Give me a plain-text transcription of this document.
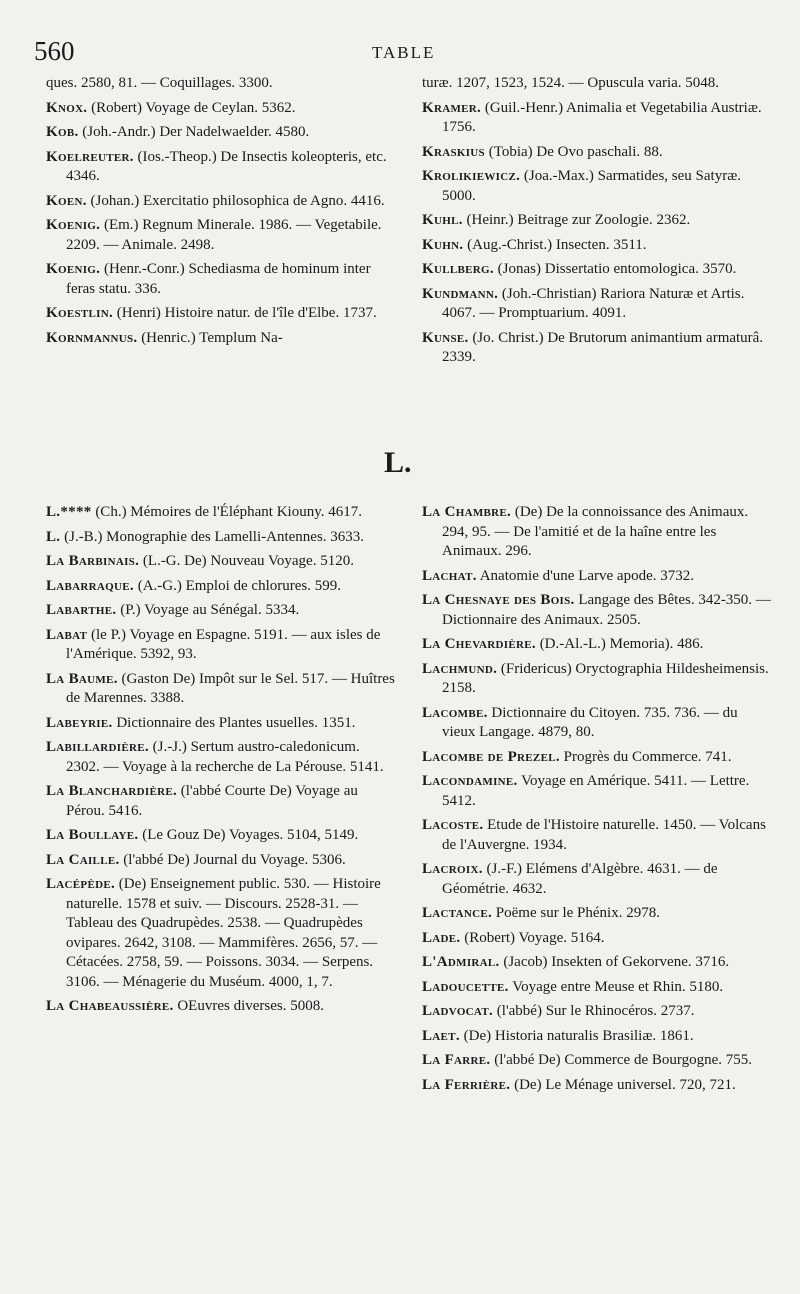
560	TABLE
ques. 2580, 81. — Coquillages. 3300.
Knox. (Robert) Voyage de Ceylan. 5362.
Kob. (Joh.-Andr.) Der Nadelwaelder. 4580.
Koelreuter. (Ios.-Theop.) De Insectis koleopteris, etc. 4346.
Koen. (Johan.) Exercitatio philosophica de Agno. 4416.
Koenig. (Em.) Regnum Minerale. 1986. — Vegetabile. 2209. — Animale. 2498.
Koenig. (Henr.-Conr.) Schediasma de hominum inter feras statu. 336.
Koestlin. (Henri) Histoire natur. de l'île d'Elbe. 1737.
Kornmannus. (Henric.) Templum Na-
turæ. 1207, 1523, 1524. — Opuscula varia. 5048.
Kramer. (Guil.-Henr.) Animalia et Vegetabilia Austriæ. 1756.
Kraskius (Tobia) De Ovo paschali. 88.
Krolikiewicz. (Joa.-Max.) Sarmatides, seu Satyræ. 5000.
Kuhl. (Heinr.) Beitrage zur Zoologie. 2362.
Kuhn. (Aug.-Christ.) Insecten. 3511.
Kullberg. (Jonas) Dissertatio entomologica. 3570.
Kundmann. (Joh.-Christian) Rariora Naturæ et Artis. 4067. — Promptuarium. 4091.
Kunse. (Jo. Christ.) De Brutorum animantium armaturâ. 2339.
L.
L.**** (Ch.) Mémoires de l'Éléphant Kiouny. 4617.
L. (J.-B.) Monographie des Lamelli-Antennes. 3633.
La Barbinais. (L.-G. De) Nouveau Voyage. 5120.
Labarraque. (A.-G.) Emploi de chlorures. 599.
Labarthe. (P.) Voyage au Sénégal. 5334.
Labat (le P.) Voyage en Espagne. 5191. — aux isles de l'Amérique. 5392, 93.
La Baume. (Gaston De) Impôt sur le Sel. 517. — Huîtres de Marennes. 3388.
Labeyrie. Dictionnaire des Plantes usuelles. 1351.
Labillardière. (J.-J.) Sertum austro-caledonicum. 2302. — Voyage à la recherche de La Pérouse. 5141.
La Blanchardière. (l'abbé Courte De) Voyage au Pérou. 5416.
La Boullaye. (Le Gouz De) Voyages. 5104, 5149.
La Caille. (l'abbé De) Journal du Voyage. 5306.
Lacépède. (De) Enseignement public. 530. — Histoire naturelle. 1578 et suiv. — Discours. 2528-31. — Tableau des Quadrupèdes. 2538. — Quadrupèdes ovipares. 2642, 3108. — Mammifères. 2656, 57. — Cétacées. 2758, 59. — Poissons. 3034. — Serpens. 3106. — Ménagerie du Muséum. 4000, 1, 7.
La Chabeaussière. OEuvres diverses. 5008.
La Chambre. (De) De la connoissance des Animaux. 294, 95. — De l'amitié et de la haîne entre les Animaux. 296.
Lachat. Anatomie d'une Larve apode. 3732.
La Chesnaye des Bois. Langage des Bêtes. 342-350. — Dictionnaire des Animaux. 2505.
La Chevardière. (D.-Al.-L.) Memoria). 486.
Lachmund. (Fridericus) Oryctographia Hildesheimensis. 2158.
Lacombe. Dictionnaire du Citoyen. 735. 736. — du vieux Langage. 4879, 80.
Lacombe de Prezel. Progrès du Commerce. 741.
Lacondamine. Voyage en Amérique. 5411. — Lettre. 5412.
Lacoste. Etude de l'Histoire naturelle. 1450. — Volcans de l'Auvergne. 1934.
Lacroix. (J.-F.) Elémens d'Algèbre. 4631. — de Géométrie. 4632.
Lactance. Poëme sur le Phénix. 2978.
Lade. (Robert) Voyage. 5164.
L'Admiral. (Jacob) Insekten of Gekorvene. 3716.
Ladoucette. Voyage entre Meuse et Rhin. 5180.
Ladvocat. (l'abbé) Sur le Rhinocéros. 2737.
Laet. (De) Historia naturalis Brasiliæ. 1861.
La Farre. (l'abbé De) Commerce de Bourgogne. 755.
La Ferrière. (De) Le Ménage universel. 720, 721.
